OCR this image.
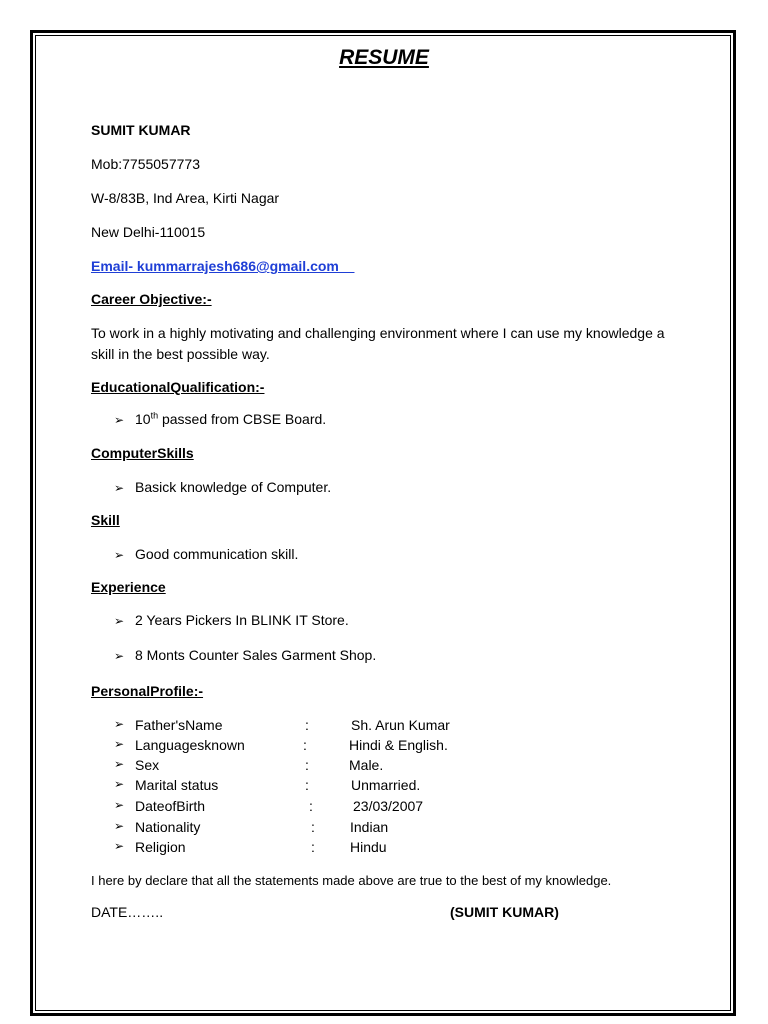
RESUME
SUMIT KUMAR
Mob:7755057773
W-8/83B, Ind Area, Kirti Nagar
New Delhi-110015
Email- kummarrajesh686@gmail.com__
Career Objective:-
To work in a highly motivating and challenging environment where I can use my knowledge a skill in the best possible way.
EducationalQualification:-
➢ 10th passed from CBSE Board.
ComputerSkills
➢ Basick knowledge of Computer.
Skill
➢ Good communication skill.
Experience
➢ 2 Years Pickers In BLINK IT Store.
➢ 8 Monts Counter Sales Garment Shop.
PersonalProfile:-
➢ Father'sName	:	Sh. Arun Kumar
➢ Languagesknown	:	Hindi & English.
➢ Sex	:	Male.
➢ Marital status	:	Unmarried.
➢ DateofBirth	:	23/03/2007
➢ Nationality	:	Indian
➢ Religion	:	Hindu
I here by declare that all the statements made above are true to the best of my knowledge.
DATE……..	(SUMIT KUMAR)
